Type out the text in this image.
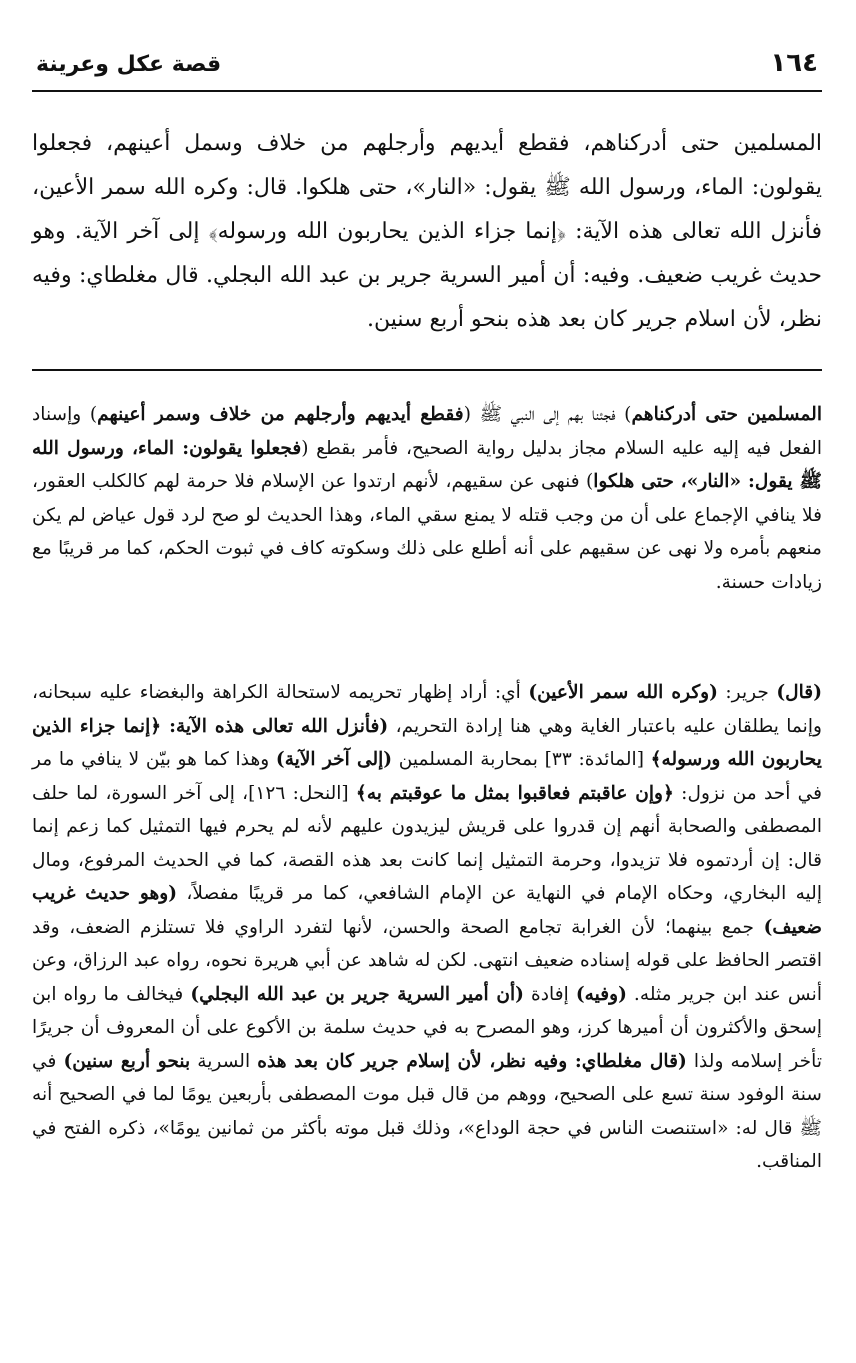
١٦٤
قصة عكل وعرينة

المسلمين حتى أدركناهم، فقطع أيديهم وأرجلهم من خلاف وسمل أعينهم، فجعلوا يقولون: الماء، ورسول الله ﷺ يقول: «النار»، حتى هلكوا. قال: وكره الله سمر الأعين، فأنزل الله تعالى هذه الآية: ﴿إنما جزاء الذين يحاربون الله ورسوله﴾ إلى آخر الآية. وهو حديث غريب ضعيف. وفيه: أن أمير السرية جرير بن عبد الله البجلي. قال مغلطاي: وفيه نظر، لأن اسلام جرير كان بعد هذه بنحو أربع سنين.

المسلمين حتى أدركناهم) فجئنا بهم إلى النبي ﷺ (فقطع أيديهم وأرجلهم من خلاف وسمر أعينهم) وإسناد الفعل فيه إليه عليه السلام مجاز بدليل رواية الصحيح، فأمر بقطع (فجعلوا يقولون: الماء، ورسول الله ﷺ يقول: «النار»، حتى هلكوا) فنهى عن سقيهم، لأنهم ارتدوا عن الإسلام فلا حرمة لهم كالكلب العقور، فلا ينافي الإجماع على أن من وجب قتله لا يمنع سقي الماء، وهذا الحديث لو صح لرد قول عياض لم يكن منعهم بأمره ولا نهى عن سقيهم على أنه أطلع على ذلك وسكوته كاف في ثبوت الحكم، كما مر قريبًا مع زيادات حسنة.

(قال) جرير: (وكره الله سمر الأعين) أي: أراد إظهار تحريمه لاستحالة الكراهة والبغضاء عليه سبحانه، وإنما يطلقان عليه باعتبار الغاية وهي هنا إرادة التحريم، (فأنزل الله تعالى هذه الآية: ﴿إنما جزاء الذين يحاربون الله ورسوله﴾ [المائدة: ٣٣] بمحاربة المسلمين (إلى آخر الآية) وهذا كما هو بيّن لا ينافي ما مر في أحد من نزول: ﴿وإن عاقبتم فعاقبوا بمثل ما عوقبتم به﴾ [النحل: ١٢٦]، إلى آخر السورة، لما حلف المصطفى والصحابة أنهم إن قدروا على قريش ليزيدون عليهم لأنه لم يحرم فيها التمثيل كما زعم إنما قال: إن أردتموه فلا تزيدوا، وحرمة التمثيل إنما كانت بعد هذه القصة، كما في الحديث المرفوع، ومال إليه البخاري، وحكاه الإمام في النهاية عن الإمام الشافعي، كما مر قريبًا مفصلاً، (وهو حديث غريب ضعيف) جمع بينهما؛ لأن الغرابة تجامع الصحة والحسن، لأنها لتفرد الراوي فلا تستلزم الضعف، وقد اقتصر الحافظ على قوله إسناده ضعيف انتهى. لكن له شاهد عن أبي هريرة نحوه، رواه عبد الرزاق، وعن أنس عند ابن جرير مثله. (وفيه) إفادة (أن أمير السرية جرير بن عبد الله البجلي) فيخالف ما رواه ابن إسحق والأكثرون أن أميرها كرز، وهو المصرح به في حديث سلمة بن الأكوع على أن المعروف أن جريرًا تأخر إسلامه ولذا (قال مغلطاي: وفيه نظر، لأن إسلام جرير كان بعد هذه السرية بنحو أربع سنين) في سنة الوفود سنة تسع على الصحيح، ووهم من قال قبل موت المصطفى بأربعين يومًا لما في الصحيح أنه ﷺ قال له: «استنصت الناس في حجة الوداع»، وذلك قبل موته بأكثر من ثمانين يومًا»، ذكره الفتح في المناقب.
